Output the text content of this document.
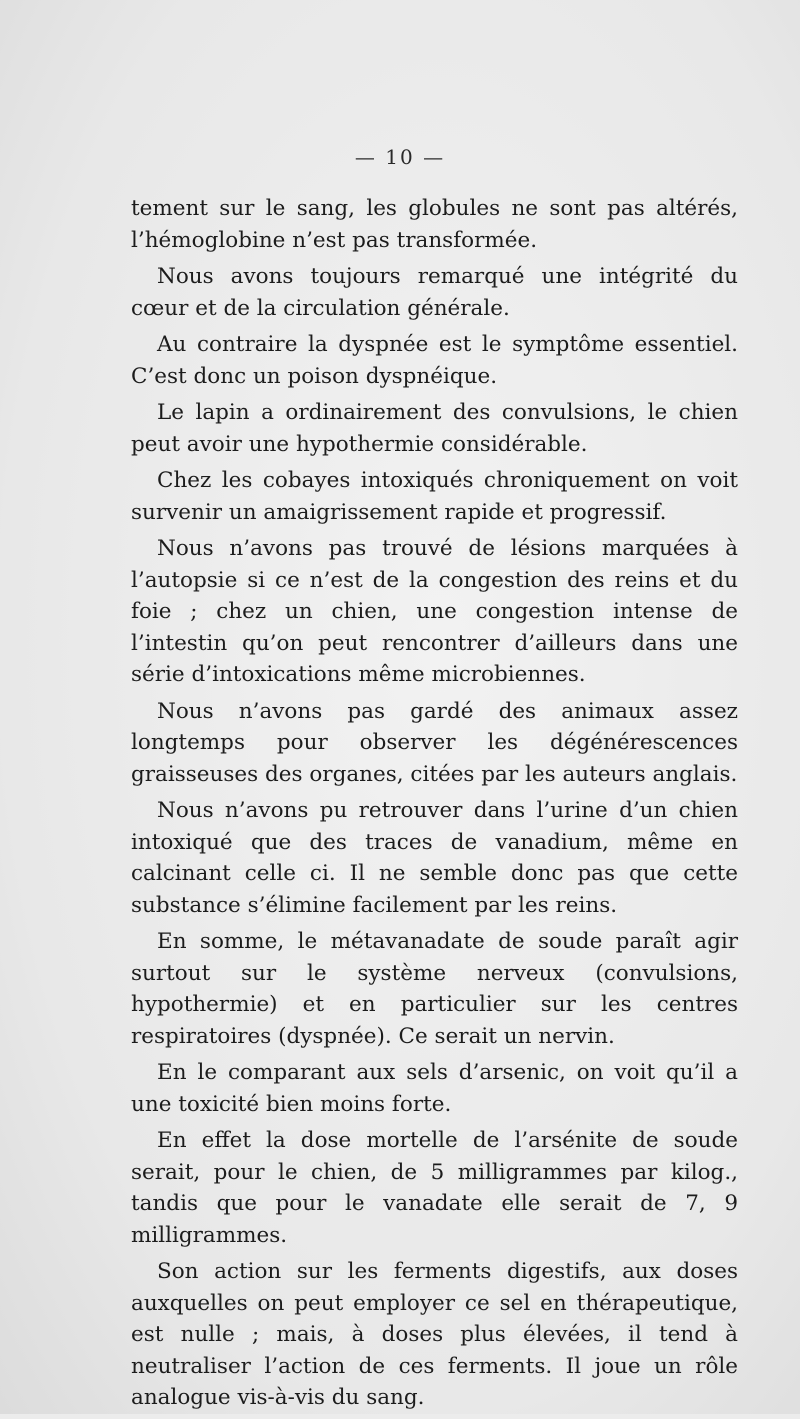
— 10 —

tement sur le sang, les globules ne sont pas altérés, l’hémoglobine n’est pas transformée.

Nous avons toujours remarqué une intégrité du cœur et de la circulation générale.

Au contraire la dyspnée est le symptôme essentiel. C’est donc un poison dyspnéique.

Le lapin a ordinairement des convulsions, le chien peut avoir une hypothermie considérable.

Chez les cobayes intoxiqués chroniquement on voit survenir un amaigrissement rapide et progressif.

Nous n’avons pas trouvé de lésions marquées à l’autopsie si ce n’est de la congestion des reins et du foie ; chez un chien, une congestion intense de l’intestin qu’on peut rencontrer d’ailleurs dans une série d’intoxications même microbiennes.

Nous n’avons pas gardé des animaux assez longtemps pour observer les dégénérescences graisseuses des organes, citées par les auteurs anglais.

Nous n’avons pu retrouver dans l’urine d’un chien intoxiqué que des traces de vanadium, même en calcinant celle ci. Il ne semble donc pas que cette substance s’élimine facilement par les reins.

En somme, le métavanadate de soude paraît agir surtout sur le système nerveux (convulsions, hypothermie) et en particulier sur les centres respiratoires (dyspnée). Ce serait un nervin.

En le comparant aux sels d’arsenic, on voit qu’il a une toxicité bien moins forte.

En effet la dose mortelle de l’arsénite de soude serait, pour le chien, de 5 milligrammes par kilog., tandis que pour le vanadate elle serait de 7, 9 milligrammes.

Son action sur les ferments digestifs, aux doses auxquelles on peut employer ce sel en thérapeutique, est nulle ; mais, à doses plus élevées, il tend à neutraliser l’action de ces ferments. Il joue un rôle analogue vis-à-vis du sang.
